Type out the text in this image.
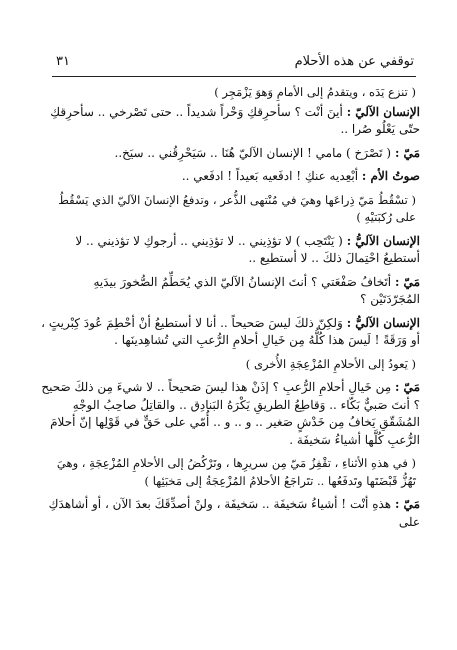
توقفي عن هذه الأحلام
٣١

( تنزع يَدَه ، ويتقدمُ إلى الأمامِ وَهوَ يَزْمَجِر )

الإنسان الآليّ : أينَ أنْت ؟ سأحرِقكِ وَحْراً شديداً .. حتى تَصْرخي .. سأحرِقكِ حتّى يَعْلُو صُرا ..

مَيّ : ( تَصْرَخ ) مامي ! الإنسان الآليّ هُنَا .. سَيَحْرِقُني .. سيَخ..

صوتُ الأم : أبْعِديه عنكِ ! ادفَعيه بَعيداً ! ادفَعي ..

( تسْقُطُ مَيّ ذِراعَها وهيَ في مُنْتهى الذُّعر ، وتدفعُ الإنسانَ الآليّ الذي يَسْقُطُ على رُكبَتيْهِ )

الإنسان الآليُّ : ( يَنْتَحِب ) لا تؤذِيني .. لا تؤذِيني .. أرجوكِ لا تؤذيني .. لا أستطيعُ احْتِمالَ ذلكَ .. لا أستطيع ..

مَيّ : أتَخافُ صَفْعَتي ؟ أنتَ الإنسانُ الآليّ الذي يُحَطِّمُ الصُّخورَ بيدَيهِ المُجَرّدَتَيْن ؟

الإنسان الآليُّ : وَلكِنّ ذلكَ ليسَ صَحيحاً .. أنا لا أستطيعُ أنْ أحْطِمَ عُودَ كِبْريتٍ ، أو وَرَقَةً ! لَيسَ هذا كُلُّهُ مِن خَيالِ أحلامِ الرُّعبِ التي تُشاهِدينَها .

( يَعودُ إلى الأحلامِ المُزْعِجَةِ الأُخرى )

مَيّ : مِن خَيالِ أحلامِ الرُّعبِ ؟ إذَنْ هذا ليسَ صَحيحاً .. لا شيءَ مِن ذلكَ صَحيح ؟ أنتَ صَبيٌّ بَكّاء .. وَقاطِعُ الطريقِ يَكْرَهُ البَنادِق .. والقاتِلُ صاحِبُ الوجْهِ المُشَقّقِ يَخافُ مِن خَدْشٍ صَغير .. و .. و .. أُمّي على حَقٍّ في قَوْلِها إنّ أحلامَ الرُّعبِ كُلَّها أشياءُ سَخيفَة .

( في هذهِ الأثناءِ ، تقْفِزُ مَيّ مِن سريرِها ، وتَرْكُضُ إلى الأحلامِ المُزْعِجَةِ ، وهيَ تَهُزُّ قَبْضَتَها وتَدفَعُها .. تتَراجَعُ الأحلامُ المُزْعِجَةُ إلى مَخبَئِها )

مَيّ : هذهِ أنْت ! أشياءُ سَخيفَة .. سَخيفَة ، ولنْ أصدِّقَكَ بعدَ الآن ، أو أشاهدَكِ على
